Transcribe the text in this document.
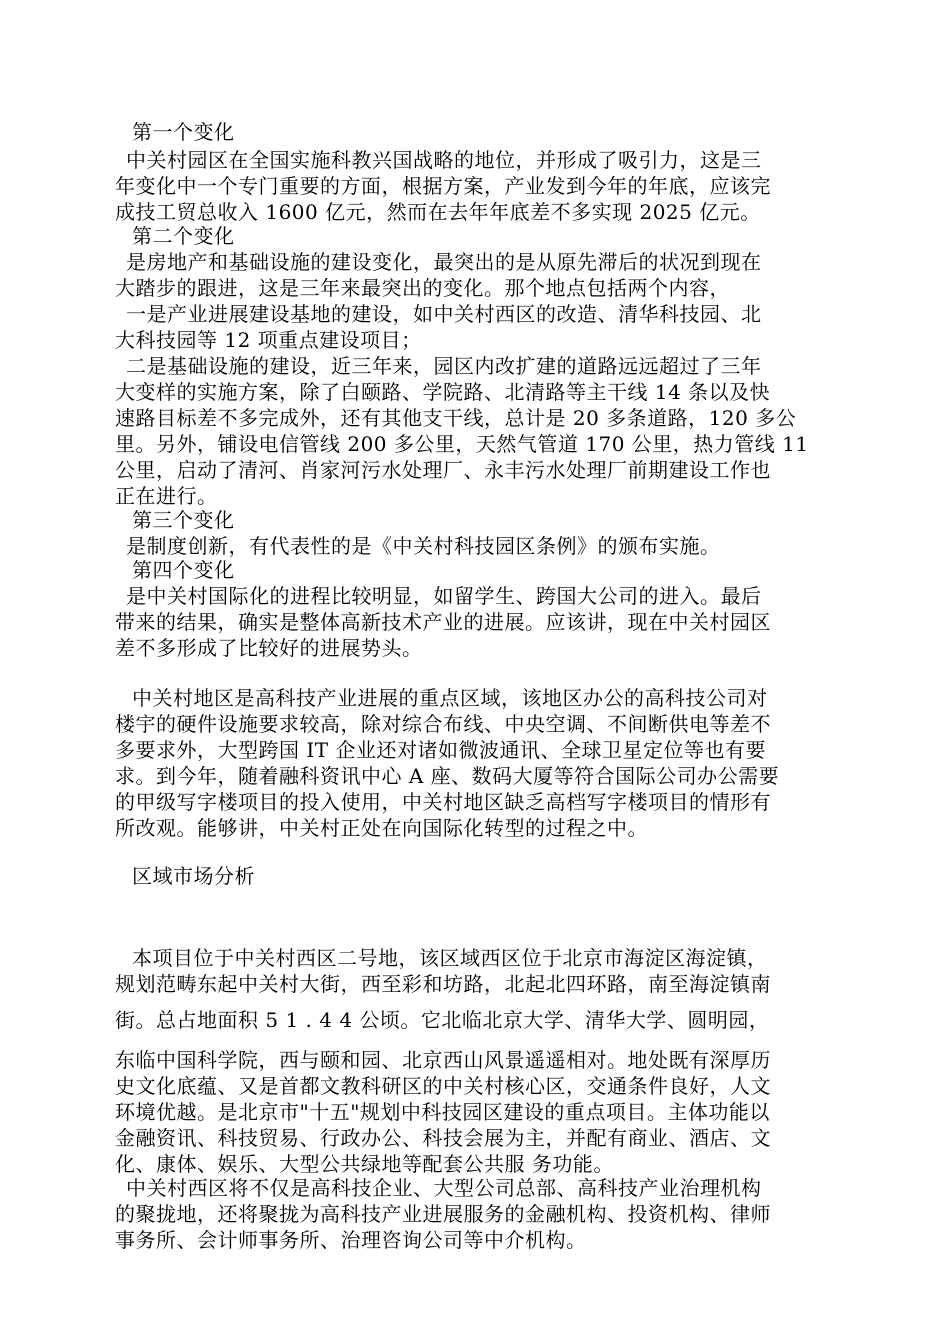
第一个变化
中关村园区在全国实施科教兴国战略的地位，并形成了吸引力，这是三
年变化中一个专门重要的方面，根据方案，产业发到今年的年底，应该完
成技工贸总收入 1600 亿元，然而在去年年底差不多实现 2025 亿元。
第二个变化
是房地产和基础设施的建设变化，最突出的是从原先滞后的状况到现在
大踏步的跟进，这是三年来最突出的变化。那个地点包括两个内容，
一是产业进展建设基地的建设，如中关村西区的改造、清华科技园、北
大科技园等 12 项重点建设项目；
二是基础设施的建设，近三年来，园区内改扩建的道路远远超过了三年
大变样的实施方案，除了白颐路、学院路、北清路等主干线 14 条以及快
速路目标差不多完成外，还有其他支干线，总计是 20 多条道路，120 多公
里。另外，铺设电信管线 200 多公里，天然气管道 170 公里，热力管线 11
公里，启动了清河、肖家河污水处理厂、永丰污水处理厂前期建设工作也
正在进行。
第三个变化
是制度创新，有代表性的是《中关村科技园区条例》的颁布实施。
第四个变化
是中关村国际化的进程比较明显，如留学生、跨国大公司的进入。最后
带来的结果，确实是整体高新技术产业的进展。应该讲，现在中关村园区
差不多形成了比较好的进展势头。
中关村地区是高科技产业进展的重点区域，该地区办公的高科技公司对
楼宇的硬件设施要求较高，除对综合布线、中央空调、不间断供电等差不
多要求外，大型跨国 IT 企业还对诸如微波通讯、全球卫星定位等也有要
求。到今年，随着融科资讯中心 A 座、数码大厦等符合国际公司办公需要
的甲级写字楼项目的投入使用，中关村地区缺乏高档写字楼项目的情形有
所改观。能够讲，中关村正处在向国际化转型的过程之中。
区域市场分析
本项目位于中关村西区二号地，该区域西区位于北京市海淀区海淀镇，
规划范畴东起中关村大街，西至彩和坊路，北起北四环路，南至海淀镇南
街。总占地面积 5 1 . 4 4 公顷。它北临北京大学、清华大学、圆明园，
东临中国科学院，西与颐和园、北京西山风景遥遥相对。地处既有深厚历
史文化底蕴、又是首都文教科研区的中关村核心区，交通条件良好，人文
环境优越。是北京市"十五"规划中科技园区建设的重点项目。主体功能以
金融资讯、科技贸易、行政办公、科技会展为主，并配有商业、酒店、文
化、康体、娱乐、大型公共绿地等配套公共服 务功能。
中关村西区将不仅是高科技企业、大型公司总部、高科技产业治理机构
的聚拢地，还将聚拢为高科技产业进展服务的金融机构、投资机构、律师
事务所、会计师事务所、治理咨询公司等中介机构。
